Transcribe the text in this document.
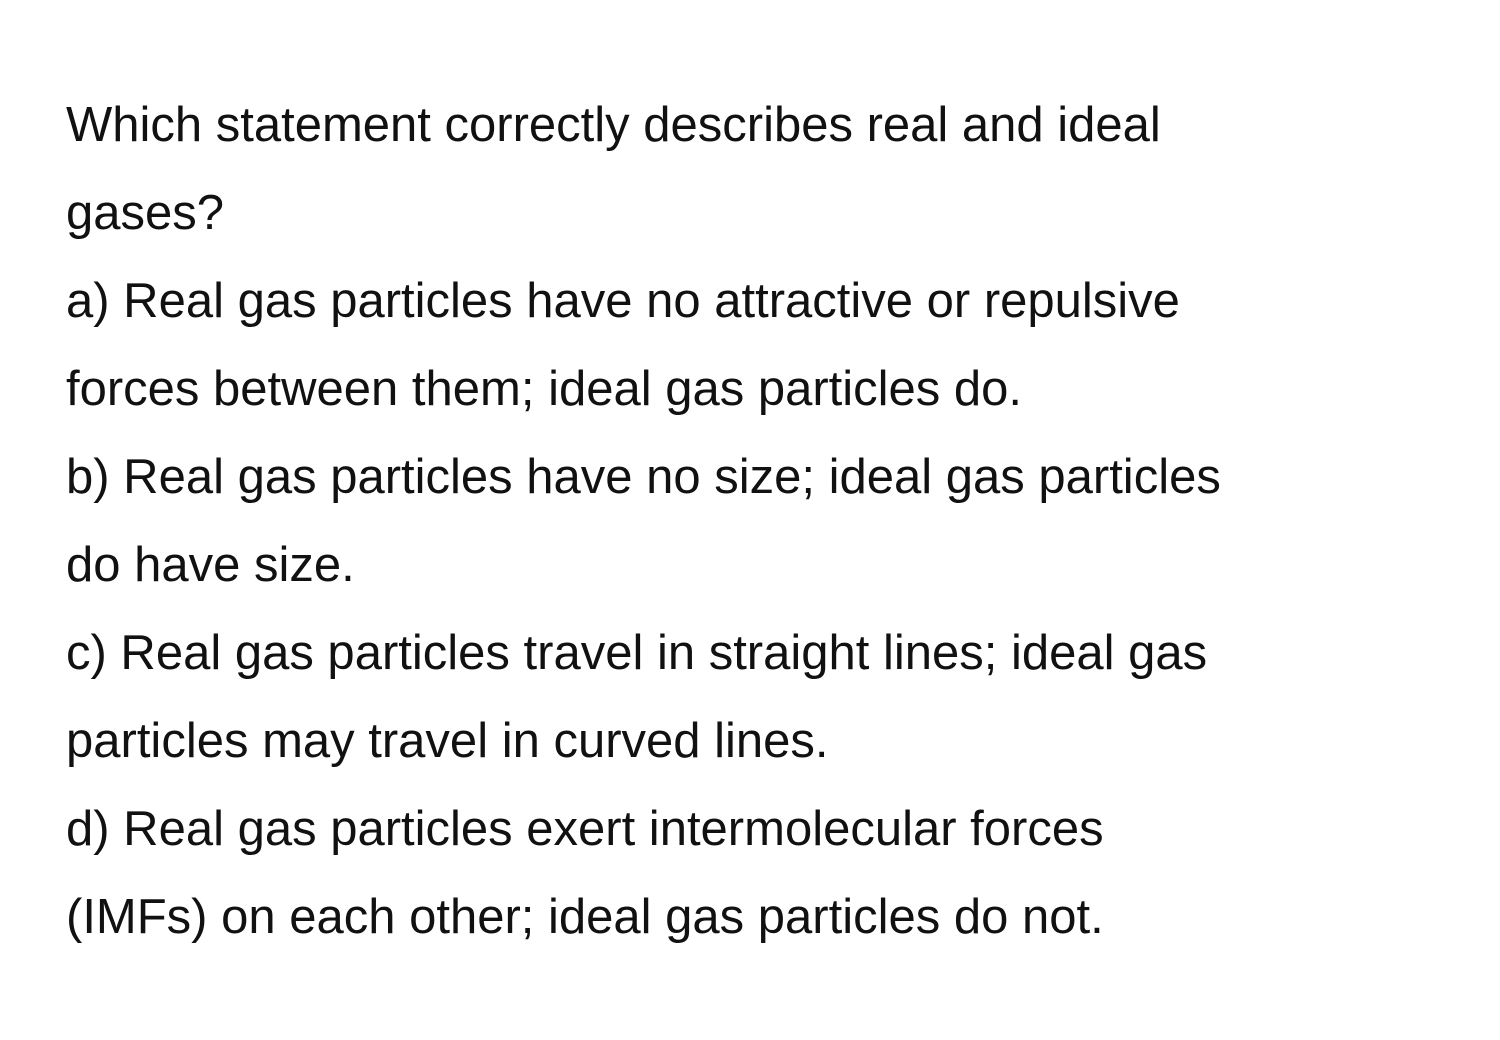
Which statement correctly describes real and ideal
gases?
a) Real gas particles have no attractive or repulsive
forces between them; ideal gas particles do.
b) Real gas particles have no size; ideal gas particles
do have size.
c) Real gas particles travel in straight lines; ideal gas
particles may travel in curved lines.
d) Real gas particles exert intermolecular forces
(IMFs) on each other; ideal gas particles do not.
